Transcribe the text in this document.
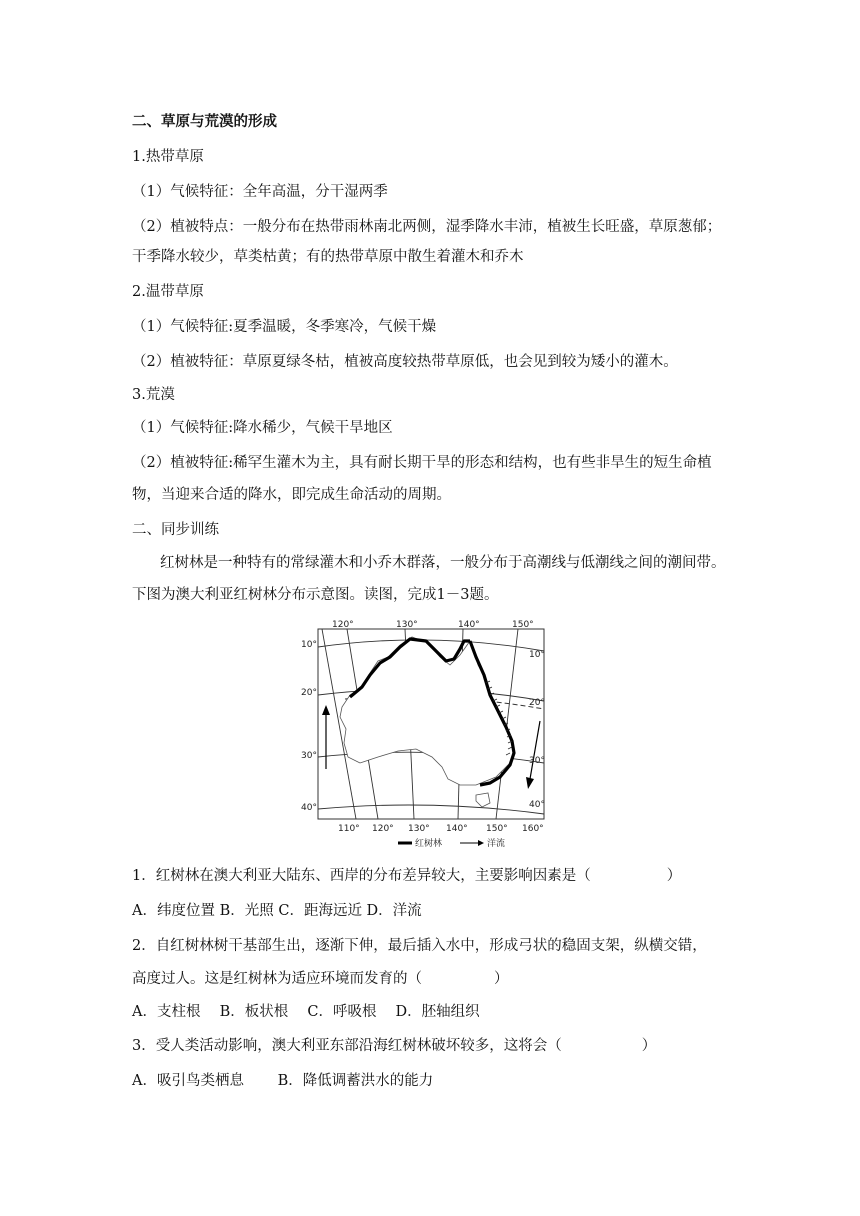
二、草原与荒漠的形成
1.热带草原
（1）气候特征：全年高温，分干湿两季
（2）植被特点：一般分布在热带雨林南北两侧，湿季降水丰沛，植被生长旺盛，草原葱郁；
干季降水较少，草类枯黄；有的热带草原中散生着灌木和乔木
2.温带草原
（1）气候特征:夏季温暖，冬季寒冷，气候干燥
（2）植被特征：草原夏绿冬枯，植被高度较热带草原低，也会见到较为矮小的灌木。
3.荒漠
（1）气候特征:降水稀少，气候干旱地区
（2）植被特征:稀罕生灌木为主，具有耐长期干旱的形态和结构，也有些非旱生的短生命植
物，当迎来合适的降水，即完成生命活动的周期。
二、同步训练
红树林是一种特有的常绿灌木和小乔木群落，一般分布于高潮线与低潮线之间的潮间带。
下图为澳大利亚红树林分布示意图。读图，完成1－3题。
120°	130°	140°	150°
10°
20°
30°
40°
10°
20°
30°
40°
110° 120° 130° 140° 150° 160°
红树林	洋流
1．红树林在澳大利亚大陆东、西岸的分布差异较大，主要影响因素是（	）
A．纬度位置 B．光照 C．距海远近 D．洋流
2．自红树林树干基部生出，逐渐下伸，最后插入水中，形成弓状的稳固支架，纵横交错，
高度过人。这是红树林为适应环境而发育的（	）
A．支柱根　 B．板状根　 C．呼吸根　 D．胚轴组织
3．受人类活动影响，澳大利亚东部沿海红树林破坏较多，这将会（	）
A．吸引鸟类栖息　　 B．降低调蓄洪水的能力
